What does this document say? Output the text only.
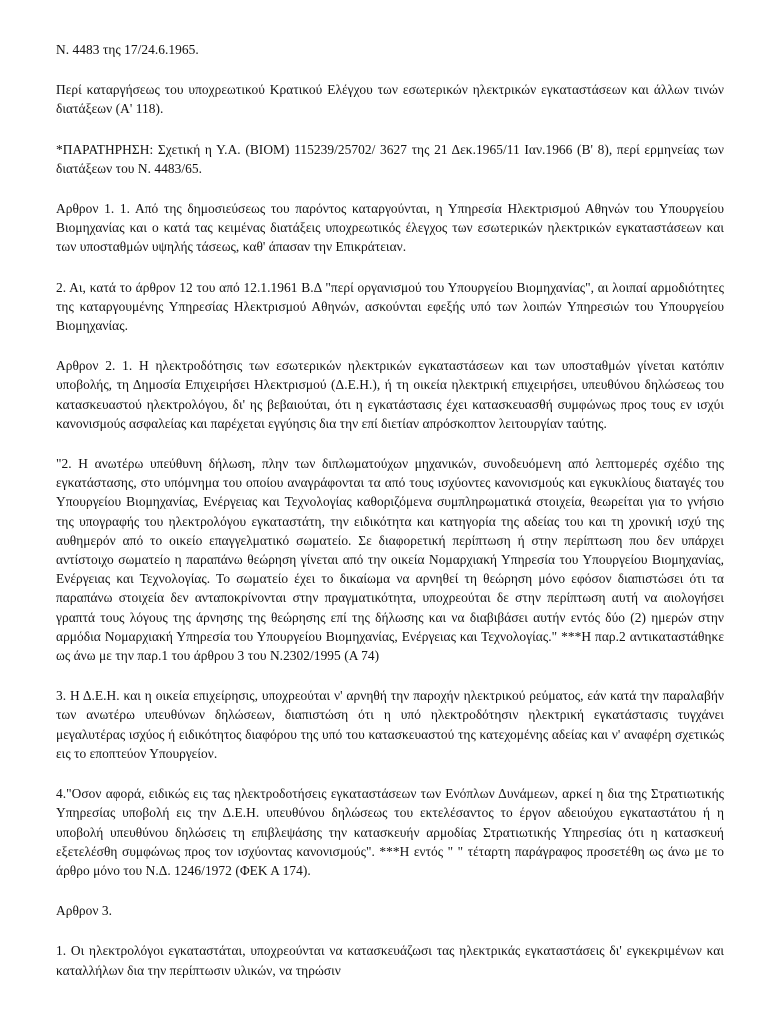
Ν. 4483 της 17/24.6.1965.

Περί καταργήσεως του υποχρεωτικού Κρατικού Ελέγχου των εσωτερικών ηλεκτρικών εγκαταστάσεων και άλλων τινών διατάξεων (Α' 118).

*ΠΑΡΑΤΗΡΗΣΗ: Σχετική η Υ.Α. (ΒΙΟΜ) 115239/25702/ 3627 της 21 Δεκ.1965/11 Ιαν.1966 (Β' 8), περί ερμηνείας των διατάξεων του Ν. 4483/65.

Αρθρον 1. 1. Από της δημοσιεύσεως του παρόντος καταργούνται, η Υπηρεσία Ηλεκτρισμού Αθηνών του Υπουργείου Βιομηχανίας και ο κατά τας κειμένας διατάξεις υποχρεωτικός έλεγχος των εσωτερικών ηλεκτρικών εγκαταστάσεων και των υποσταθμών υψηλής τάσεως, καθ' άπασαν την Επικράτειαν.

2. Αι, κατά το άρθρον 12 του από 12.1.1961 Β.Δ "περί οργανισμού του Υπουργείου Βιομηχανίας", αι λοιπαί αρμοδιότητες της καταργουμένης Υπηρεσίας Ηλεκτρισμού Αθηνών, ασκούνται εφεξής υπό των λοιπών Υπηρεσιών του Υπουργείου Βιομηχανίας.

Αρθρον 2. 1. Η ηλεκτροδότησις των εσωτερικών ηλεκτρικών εγκαταστάσεων και των υποσταθμών γίνεται κατόπιν υποβολής, τη Δημοσία Επιχειρήσει Ηλεκτρισμού (Δ.Ε.Η.), ή τη οικεία ηλεκτρική επιχειρήσει, υπευθύνου δηλώσεως του κατασκευαστού ηλεκτρολόγου, δι' ης βεβαιούται, ότι η εγκατάστασις έχει κατασκευασθή συμφώνως προς τους εν ισχύι κανονισμούς ασφαλείας και παρέχεται εγγύησις δια την επί διετίαν απρόσκοπτον λειτουργίαν ταύτης.

"2. Η ανωτέρω υπεύθυνη δήλωση, πλην των διπλωματούχων μηχανικών, συνοδευόμενη από λεπτομερές σχέδιο της εγκατάστασης, στο υπόμνημα του οποίου αναγράφονται τα από τους ισχύοντες κανονισμούς και εγκυκλίους διαταγές του Υπουργείου Βιομηχανίας, Ενέργειας και Τεχνολογίας καθοριζόμενα συμπληρωματικά στοιχεία, θεωρείται για το γνήσιο της υπογραφής του ηλεκτρολόγου εγκαταστάτη, την ειδικότητα και κατηγορία της αδείας του και τη χρονική ισχύ της αυθημερόν από το οικείο επαγγελματικό σωματείο. Σε διαφορετική περίπτωση ή στην περίπτωση που δεν υπάρχει αντίστοιχο σωματείο η παραπάνω θεώρηση γίνεται από την οικεία Νομαρχιακή Υπηρεσία του Υπουργείου Βιομηχανίας, Ενέργειας και Τεχνολογίας. Το σωματείο έχει το δικαίωμα να αρνηθεί τη θεώρηση μόνο εφόσον διαπιστώσει ότι τα παραπάνω στοιχεία δεν ανταποκρίνονται στην πραγματικότητα, υποχρεούται δε στην περίπτωση αυτή να αιολογήσει γραπτά τους λόγους της άρνησης της θεώρησης επί της δήλωσης και να διαβιβάσει αυτήν εντός δύο (2) ημερών στην αρμόδια Νομαρχιακή Υπηρεσία του Υπουργείου Βιομηχανίας, Ενέργειας και Τεχνολογίας." ***Η παρ.2 αντικαταστάθηκε ως άνω με την παρ.1 του άρθρου 3 του Ν.2302/1995 (Α 74)

3. Η Δ.Ε.Η. και η οικεία επιχείρησις, υποχρεούται ν' αρνηθή την παροχήν ηλεκτρικού ρεύματος, εάν κατά την παραλαβήν των ανωτέρω υπευθύνων δηλώσεων, διαπιστώση ότι η υπό ηλεκτροδότησιν ηλεκτρική εγκατάστασις τυγχάνει μεγαλυτέρας ισχύος ή ειδικότητος διαφόρου της υπό του κατασκευαστού της κατεχομένης αδείας και ν' αναφέρη σχετικώς εις το εποπτεύον Υπουργείον.

4."Οσον αφορά, ειδικώς εις τας ηλεκτροδοτήσεις εγκαταστάσεων των Ενόπλων Δυνάμεων, αρκεί η δια της Στρατιωτικής Υπηρεσίας υποβολή εις την Δ.Ε.Η. υπευθύνου δηλώσεως του εκτελέσαντος το έργον αδειούχου εγκαταστάτου ή η υποβολή υπευθύνου δηλώσεις τη επιβλεψάσης την κατασκευήν αρμοδίας Στρατιωτικής Υπηρεσίας ότι η κατασκευή εξετελέσθη συμφώνως προς τον ισχύοντας κανονισμούς". ***Η εντός " " τέταρτη παράγραφος προσετέθη ως άνω με το άρθρο μόνο του Ν.Δ. 1246/1972 (ΦΕΚ Α 174).

Αρθρον 3.

1. Οι ηλεκτρολόγοι εγκαταστάται, υποχρεούνται να κατασκευάζωσι τας ηλεκτρικάς εγκαταστάσεις δι' εγκεκριμένων και καταλλήλων δια την περίπτωσιν υλικών, να τηρώσιν
